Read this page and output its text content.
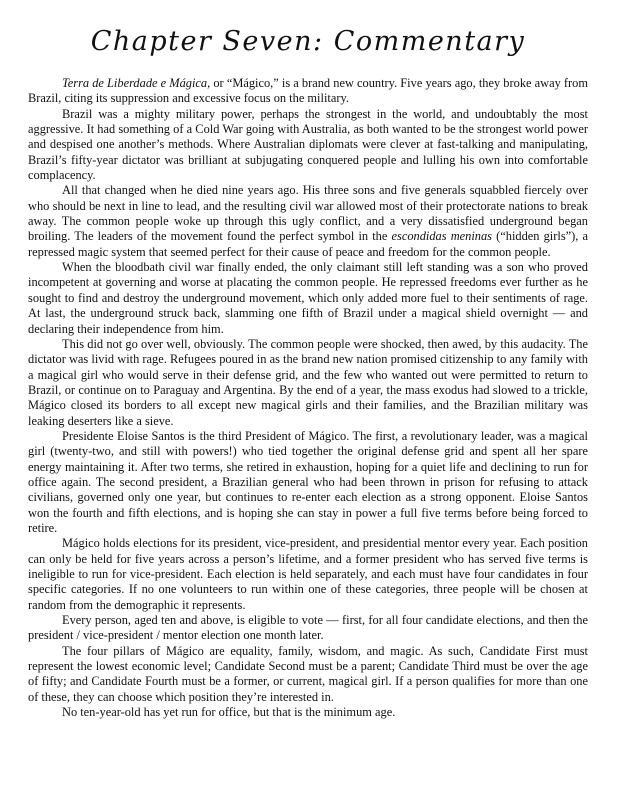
Chapter Seven: Commentary

Terra de Liberdade e Mágica, or “Mágico,” is a brand new country. Five years ago, they broke away from Brazil, citing its suppression and excessive focus on the military.

Brazil was a mighty military power, perhaps the strongest in the world, and undoubtably the most aggressive. It had something of a Cold War going with Australia, as both wanted to be the strongest world power and despised one another’s methods. Where Australian diplomats were clever at fast-talking and manipulating, Brazil’s fifty-year dictator was brilliant at subjugating conquered people and lulling his own into comfortable complacency.

All that changed when he died nine years ago. His three sons and five generals squabbled fiercely over who should be next in line to lead, and the resulting civil war allowed most of their protectorate nations to break away. The common people woke up through this ugly conflict, and a very dissatisfied underground began broiling. The leaders of the movement found the perfect symbol in the escondidas meninas (“hidden girls”), a repressed magic system that seemed perfect for their cause of peace and freedom for the common people.

When the bloodbath civil war finally ended, the only claimant still left standing was a son who proved incompetent at governing and worse at placating the common people. He repressed freedoms ever further as he sought to find and destroy the underground movement, which only added more fuel to their sentiments of rage. At last, the underground struck back, slamming one fifth of Brazil under a magical shield overnight — and declaring their independence from him.

This did not go over well, obviously. The common people were shocked, then awed, by this audacity. The dictator was livid with rage. Refugees poured in as the brand new nation promised citizenship to any family with a magical girl who would serve in their defense grid, and the few who wanted out were permitted to return to Brazil, or continue on to Paraguay and Argentina. By the end of a year, the mass exodus had slowed to a trickle, Mágico closed its borders to all except new magical girls and their families, and the Brazilian military was leaking deserters like a sieve.

Presidente Eloise Santos is the third President of Mágico. The first, a revolutionary leader, was a magical girl (twenty-two, and still with powers!) who tied together the original defense grid and spent all her spare energy maintaining it. After two terms, she retired in exhaustion, hoping for a quiet life and declining to run for office again. The second president, a Brazilian general who had been thrown in prison for refusing to attack civilians, governed only one year, but continues to re-enter each election as a strong opponent. Eloise Santos won the fourth and fifth elections, and is hoping she can stay in power a full five terms before being forced to retire.

Mágico holds elections for its president, vice-president, and presidential mentor every year. Each position can only be held for five years across a person’s lifetime, and a former president who has served five terms is ineligible to run for vice-president. Each election is held separately, and each must have four candidates in four specific categories. If no one volunteers to run within one of these categories, three people will be chosen at random from the demographic it represents.

Every person, aged ten and above, is eligible to vote — first, for all four candidate elections, and then the president / vice-president / mentor election one month later.

The four pillars of Mágico are equality, family, wisdom, and magic. As such, Candidate First must represent the lowest economic level; Candidate Second must be a parent; Candidate Third must be over the age of fifty; and Candidate Fourth must be a former, or current, magical girl. If a person qualifies for more than one of these, they can choose which position they’re interested in.

No ten-year-old has yet run for office, but that is the minimum age.
